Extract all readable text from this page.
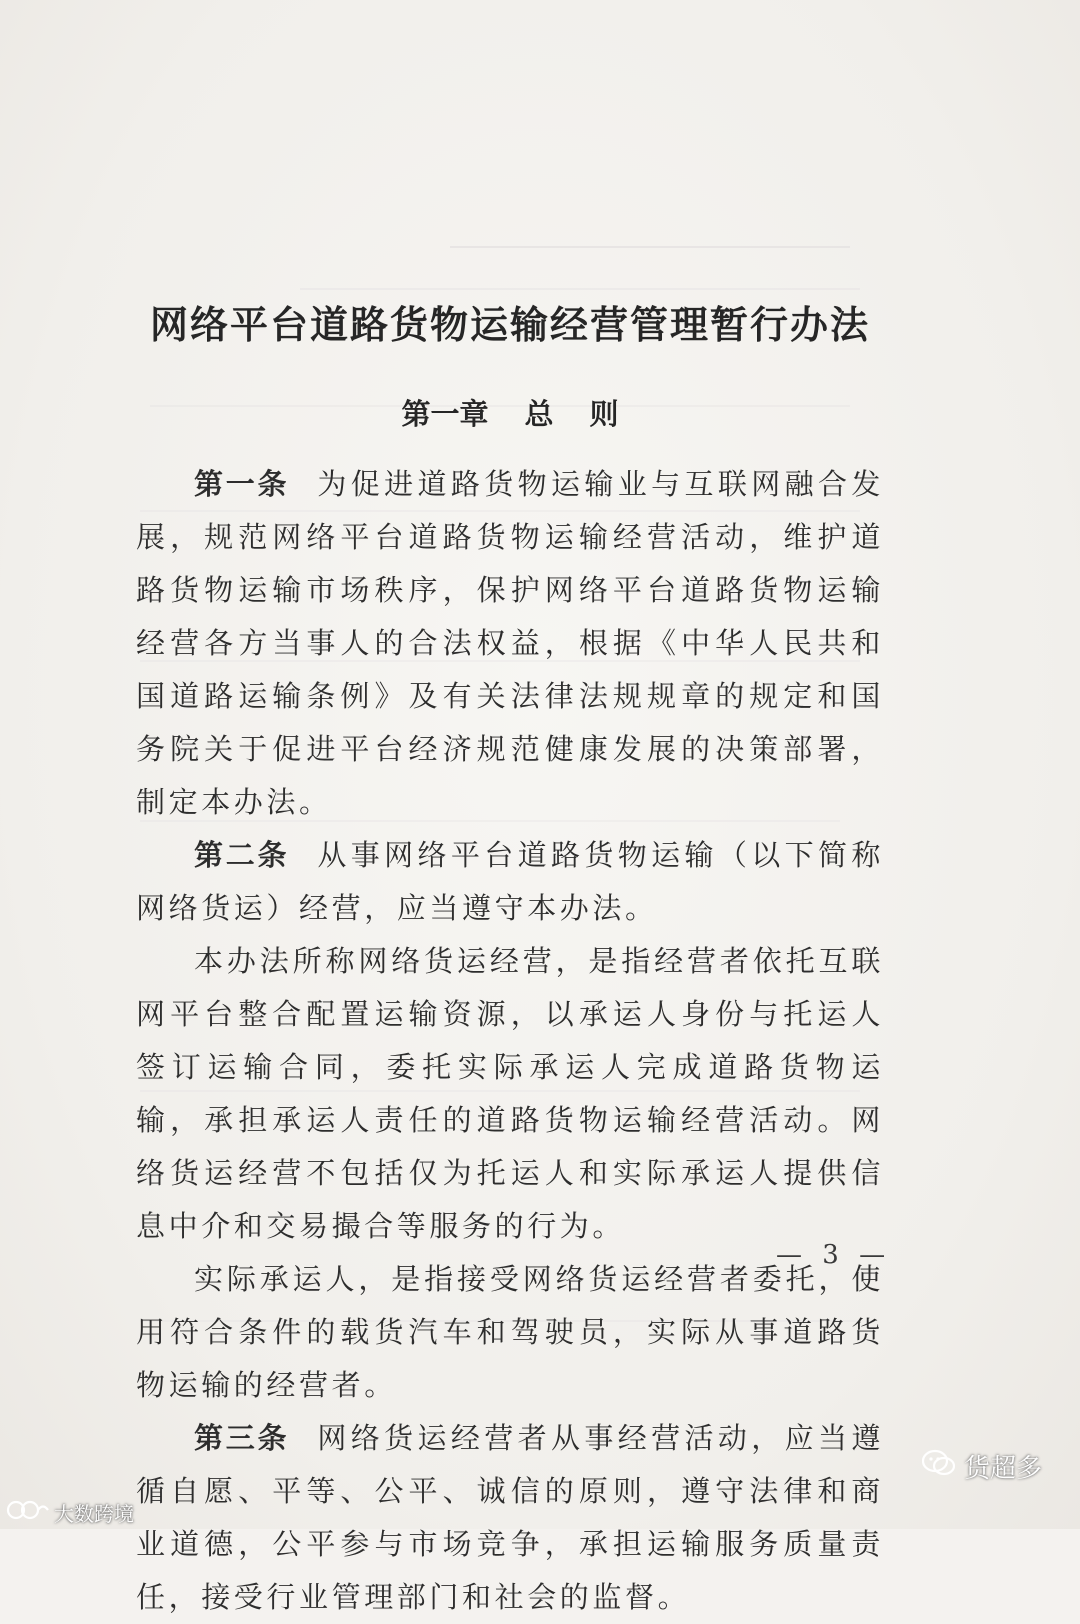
网络平台道路货物运输经营管理暂行办法
第一章 总 则

第一条 为促进道路货物运输业与互联网融合发展，规范网络平台道路货物运输经营活动，维护道路货物运输市场秩序，保护网络平台道路货物运输经营各方当事人的合法权益，根据《中华人民共和国道路运输条例》及有关法律法规规章的规定和国务院关于促进平台经济规范健康发展的决策部署，制定本办法。

第二条 从事网络平台道路货物运输（以下简称网络货运）经营，应当遵守本办法。

本办法所称网络货运经营，是指经营者依托互联网平台整合配置运输资源，以承运人身份与托运人签订运输合同，委托实际承运人完成道路货物运输，承担承运人责任的道路货物运输经营活动。网络货运经营不包括仅为托运人和实际承运人提供信息中介和交易撮合等服务的行为。

实际承运人，是指接受网络货运经营者委托，使用符合条件的载货汽车和驾驶员，实际从事道路货物运输的经营者。

第三条 网络货运经营者从事经营活动，应当遵循自愿、平等、公平、诚信的原则，遵守法律和商业道德，公平参与市场竞争，承担运输服务质量责任，接受行业管理部门和社会的监督。

— 3 —
货超多
大数跨境
